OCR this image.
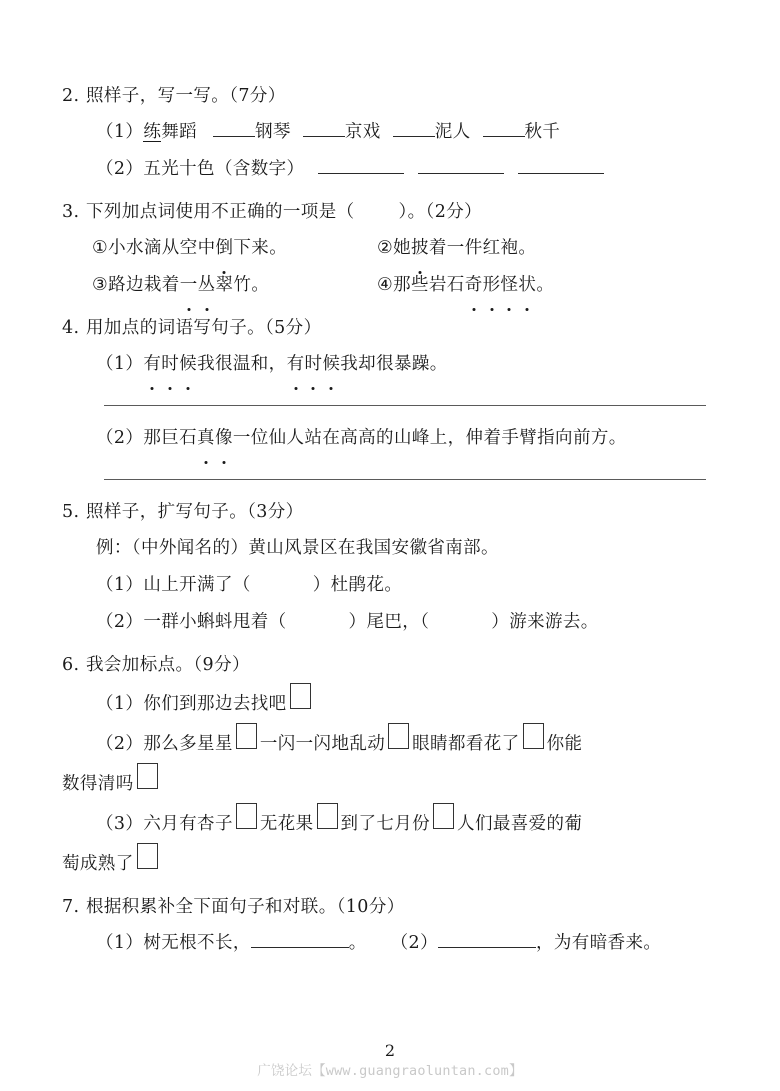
2. 照样子，写一写。（7分）
（1） 练 舞蹈	钢琴	京戏	泥人	秋千
（2） 五光十色（含数字）
3. 下列加点词使用不正确的一项是（	）。（2分）
①小水滴从空中倒下来。	②她披着一件红袍。
③路边栽着一丛翠竹。	④那些岩石奇形怪状。
4. 用加点的词语写句子。（5分）
（1） 有时候 我很温和， 有时候 我却很暴躁。
（2） 那巨石 真像 一位仙人站在高高的山峰上，伸着手臂指向前方。
5. 照样子，扩写句子。（3分）
例：（中外闻名的）黄山风景区在我国安徽省南部。
（1） 山上开满了（	）杜鹃花。
（2） 一群小蝌蚪甩着（	）尾巴，（	）游来游去。
6. 我会加标点。（9分）
（1） 你们到那边去找吧
（2） 那么多星星 一闪一闪地乱动 眼睛都看花了 你能
数得清吗
（3） 六月有杏子 无花果 到了七月份 人们最喜爱的葡
萄成熟了
7. 根据积累补全下面句子和对联。（10分）
（1） 树无根不长，	。 （2）	，为有暗香来。
2
广饶论坛【www.guangraoluntan.com】
